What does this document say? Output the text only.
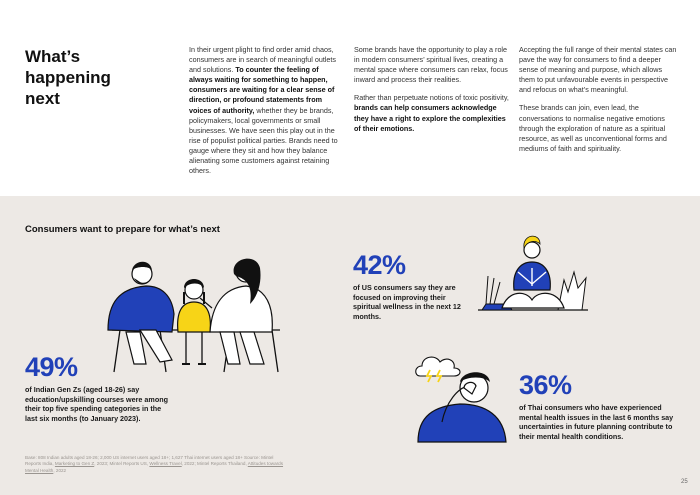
What’s happening next

In their urgent plight to find order amid chaos, consumers are in search of meaningful outlets and solutions. To counter the feeling of always waiting for something to happen, consumers are waiting for a clear sense of direction, or profound statements from voices of authority, whether they be brands, policymakers, local governments or small businesses. We have seen this play out in the rise of populist political parties. Brands need to gauge where they sit and how they balance alienating some customers against retaining others.

Some brands have the opportunity to play a role in modern consumers’ spiritual lives, creating a mental space where consumers can relax, focus inward and process their realities.

Rather than perpetuate notions of toxic positivity, brands can help consumers acknowledge they have a right to explore the complexities of their emotions.

Accepting the full range of their mental states can pave the way for consumers to find a deeper sense of meaning and purpose, which allows them to put unfavourable events in perspective and refocus on what’s meaningful.

These brands can join, even lead, the conversations to normalise negative emotions through the exploration of nature as a spiritual resource, as well as unconventional forms and mediums of faith and spirituality.

Consumers want to prepare for what’s next
42%
of US consumers say they are focused on improving their spiritual wellness in the next 12 months.
49%
of Indian Gen Zs (aged 18-26) say education/upskilling courses were among their top five spending categories in the last six months (to January 2023).
36%
of Thai consumers who have experienced mental health issues in the last 6 months say uncertainties in future planning contribute to their mental health conditions.
Base: 808 Indian adults aged 18-26; 2,000 US internet users aged 18+; 1,627 Thai internet users aged 18+ Source: Mintel Reports India, Marketing to Gen Z, 2023; Mintel Reports US, Wellness Travel, 2022; Mintel Reports Thailand, Attitudes towards Mental Health, 2022
25
